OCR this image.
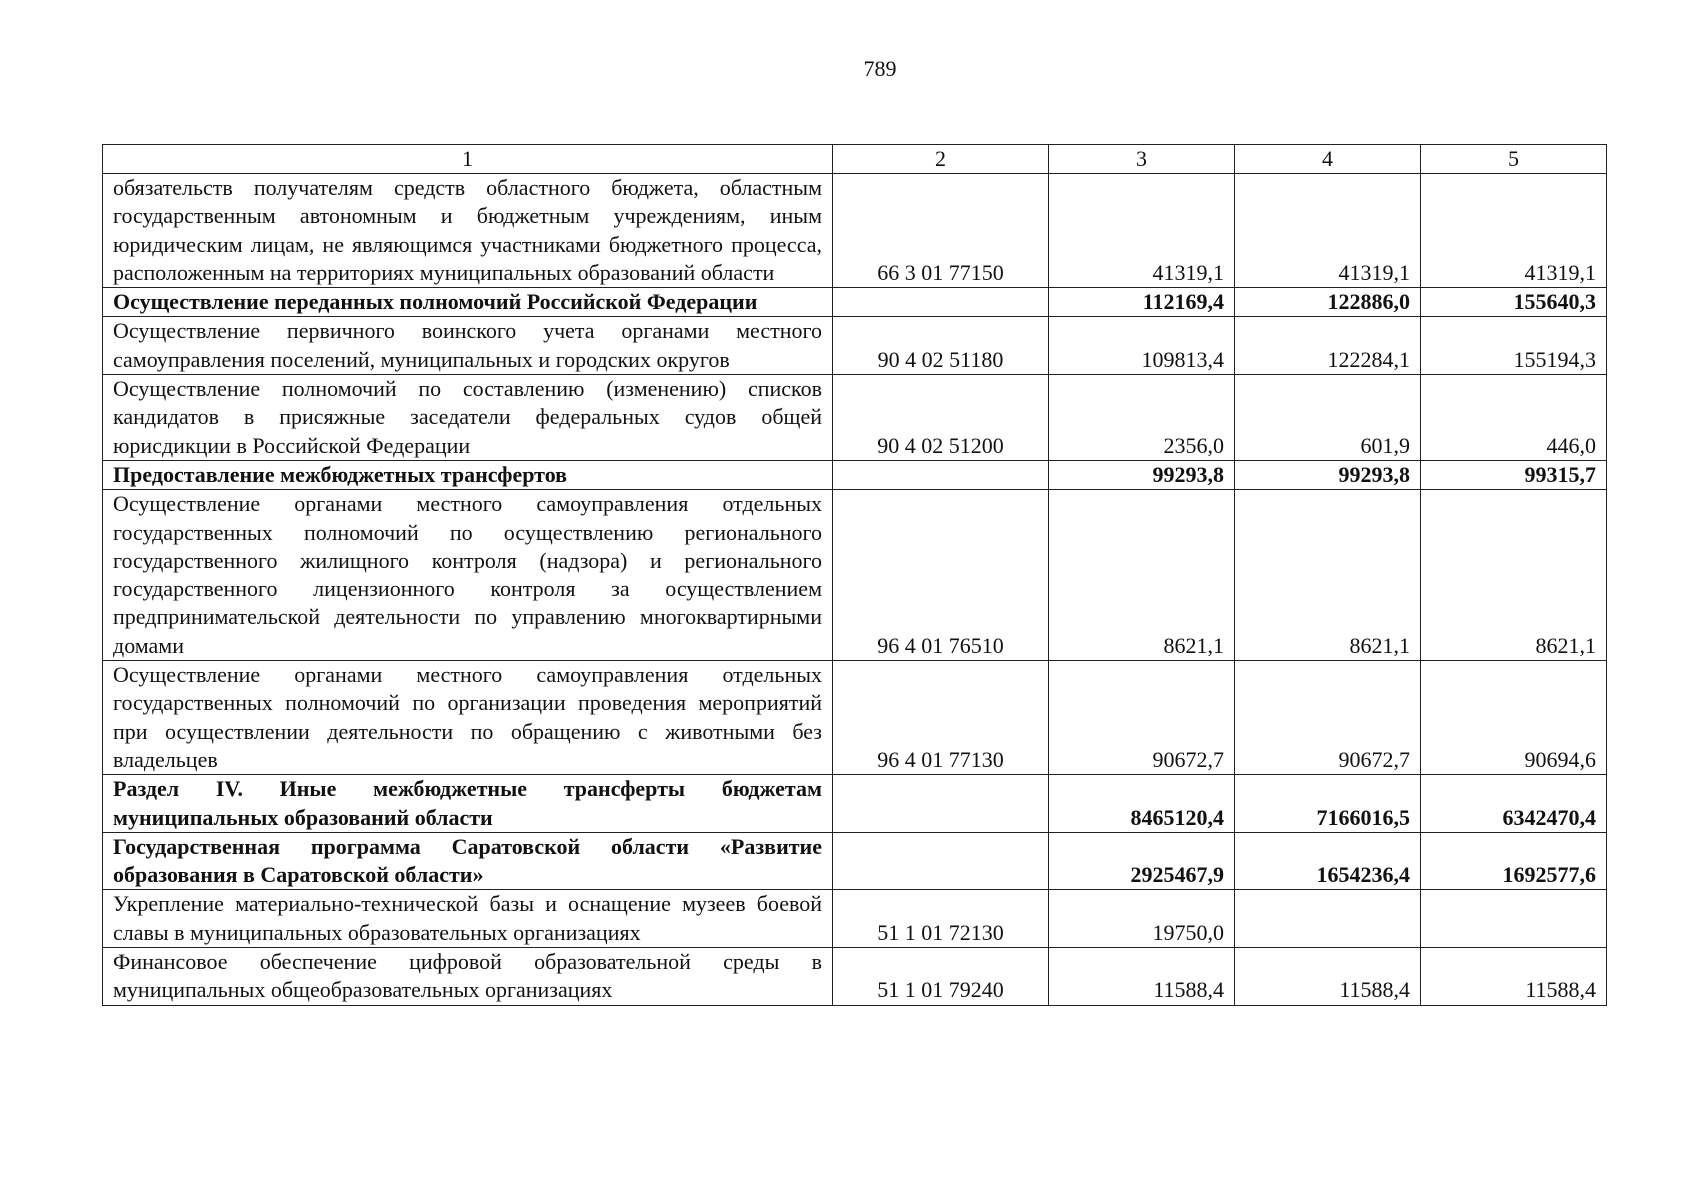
789
1	2	3	4	5
обязательств получателям средств областного бюджета, областным государственным автономным и бюджетным учреждениям, иным юридическим лицам, не являющимся участниками бюджетного процесса, расположенным на территориях муниципальных образований области	66 3 01 77150	41319,1	41319,1	41319,1
Осуществление переданных полномочий Российской Федерации		112169,4	122886,0	155640,3
Осуществление первичного воинского учета органами местного самоуправления поселений, муниципальных и городских округов	90 4 02 51180	109813,4	122284,1	155194,3
Осуществление полномочий по составлению (изменению) списков кандидатов в присяжные заседатели федеральных судов общей юрисдикции в Российской Федерации	90 4 02 51200	2356,0	601,9	446,0
Предоставление межбюджетных трансфертов		99293,8	99293,8	99315,7
Осуществление органами местного самоуправления отдельных государственных полномочий по осуществлению регионального государственного жилищного контроля (надзора) и регионального государственного лицензионного контроля за осуществлением предпринимательской деятельности по управлению многоквартирными домами	96 4 01 76510	8621,1	8621,1	8621,1
Осуществление органами местного самоуправления отдельных государственных полномочий по организации проведения мероприятий при осуществлении деятельности по обращению с животными без владельцев	96 4 01 77130	90672,7	90672,7	90694,6
Раздел IV. Иные межбюджетные трансферты бюджетам муниципальных образований области		8465120,4	7166016,5	6342470,4
Государственная программа Саратовской области «Развитие образования в Саратовской области»		2925467,9	1654236,4	1692577,6
Укрепление материально-технической базы и оснащение музеев боевой славы в муниципальных образовательных организациях	51 1 01 72130	19750,0		
Финансовое обеспечение цифровой образовательной среды в муниципальных общеобразовательных организациях	51 1 01 79240	11588,4	11588,4	11588,4
